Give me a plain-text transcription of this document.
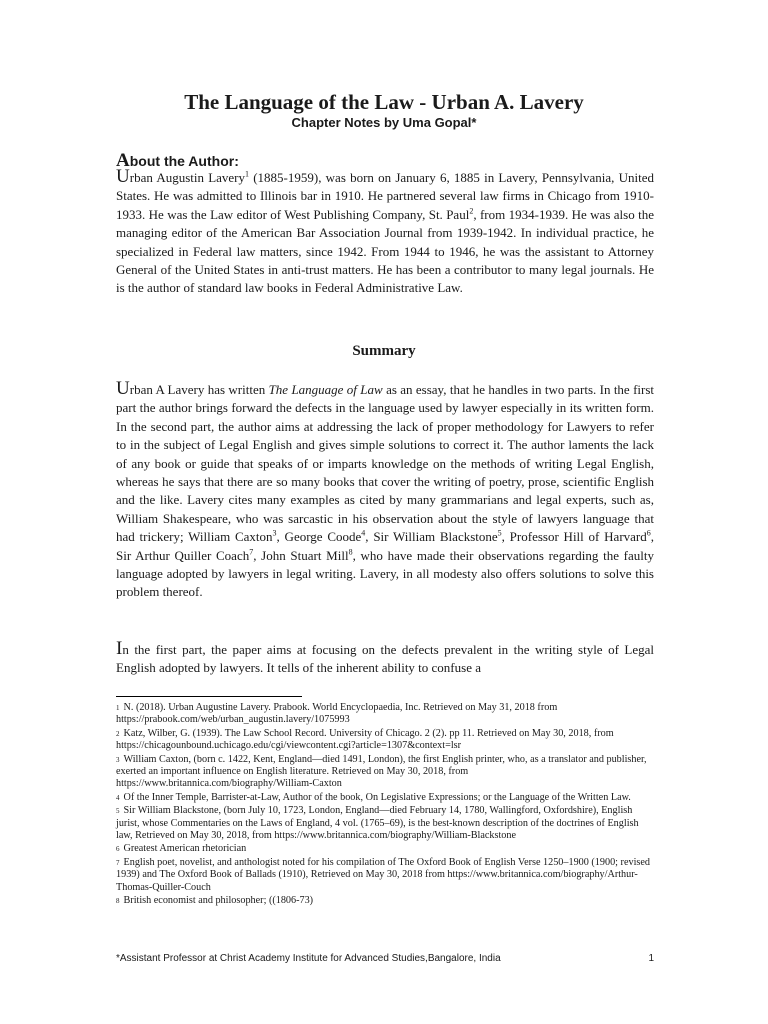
The Language of the Law - Urban A. Lavery
Chapter Notes by Uma Gopal*
About the Author:

Urban Augustin Lavery$^1$ (1885-1959), was born on January 6, 1885 in Lavery, Pennsylvania, United States. He was admitted to Illinois bar in 1910. He partnered several law firms in Chicago from 1910-1933. He was the Law editor of West Publishing Company, St. Paul$^2$, from 1934-1939. He was also the managing editor of the American Bar Association Journal from 1939-1942. In individual practice, he specialized in Federal law matters, since 1942. From 1944 to 1946, he was the assistant to Attorney General of the United States in anti-trust matters. He has been a contributor to many legal journals. He is the author of standard law books in Federal Administrative Law.

Summary

Urban A Lavery has written The Language of Law as an essay, that he handles in two parts. In the first part the author brings forward the defects in the language used by lawyer especially in its written form. In the second part, the author aims at addressing the lack of proper methodology for Lawyers to refer to in the subject of Legal English and gives simple solutions to correct it. The author laments the lack of any book or guide that speaks of or imparts knowledge on the methods of writing Legal English, whereas he says that there are so many books that cover the writing of poetry, prose, scientific English and the like. Lavery cites many examples as cited by many grammarians and legal experts, such as, William Shakespeare, who was sarcastic in his observation about the style of lawyers language that had trickery; William Caxton$^3$, George Coode$^4$, Sir William Blackstone$^5$, Professor Hill of Harvard$^6$, Sir Arthur Quiller Coach$^7$, John Stuart Mill$^8$, who have made their observations regarding the faulty language adopted by lawyers in legal writing. Lavery, in all modesty also offers solutions to solve this problem thereof.

In the first part, the paper aims at focusing on the defects prevalent in the writing style of Legal English adopted by lawyers. It tells of the inherent ability to confuse a

$^1$ N. (2018). Urban Augustine Lavery. Prabook. World Encyclopaedia, Inc. Retrieved on May 31, 2018 from https://prabook.com/web/urban_augustin.lavery/1075993
$^2$ Katz, Wilber, G. (1939). The Law School Record. University of Chicago. 2 (2). pp 11. Retrieved on May 30, 2018, from https://chicagounbound.uchicago.edu/cgi/viewcontent.cgi?article=1307&context=lsr
$^3$ William Caxton, (born c. 1422, Kent, England—died 1491, London), the first English printer, who, as a translator and publisher, exerted an important influence on English literature. Retrieved on May 30, 2018, from https://www.britannica.com/biography/William-Caxton
$^4$ Of the Inner Temple, Barrister-at-Law, Author of the book, On Legislative Expressions; or the Language of the Written Law.
$^5$ Sir William Blackstone, (born July 10, 1723, London, England—died February 14, 1780, Wallingford, Oxfordshire), English jurist, whose Commentaries on the Laws of England, 4 vol. (1765–69), is the best-known description of the doctrines of English law, Retrieved on May 30, 2018, from https://www.britannica.com/biography/William-Blackstone
$^6$ Greatest American rhetorician
$^7$ English poet, novelist, and anthologist noted for his compilation of The Oxford Book of English Verse 1250–1900 (1900; revised 1939) and The Oxford Book of Ballads (1910), Retrieved on May 30, 2018 from https://www.britannica.com/biography/Arthur-Thomas-Quiller-Couch
$^8$ British economist and philosopher; ((1806-73)
*Assistant Professor at Christ Academy Institute for Advanced Studies,Bangalore, India	1
